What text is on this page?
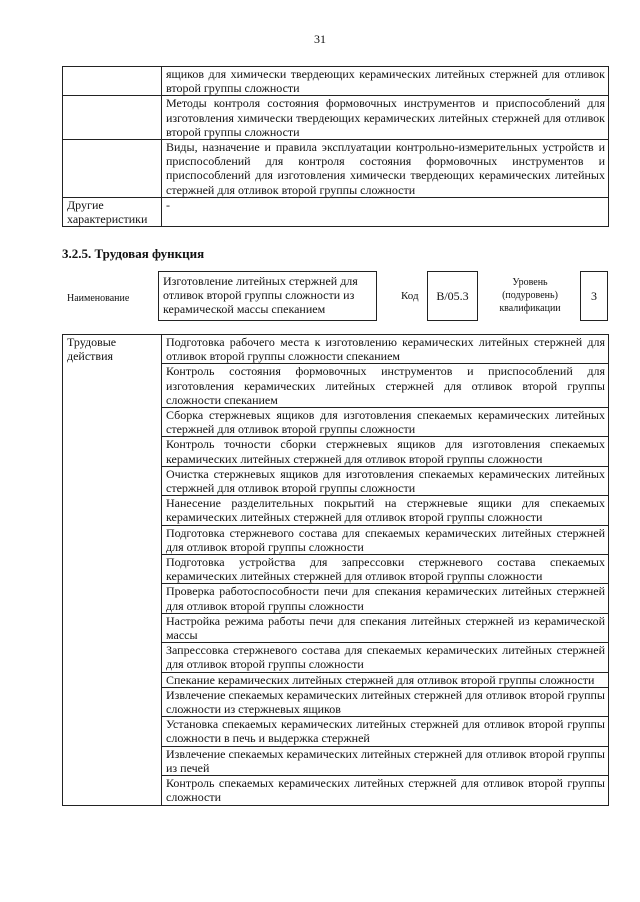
31
	ящиков для химически твердеющих керамических литейных стержней для отливок второй группы сложности
	Методы контроля состояния формовочных инструментов и приспособлений для изготовления химически твердеющих керамических литейных стержней для отливок второй группы сложности
	Виды, назначение и правила эксплуатации контрольно-измерительных устройств и приспособлений для контроля состояния формовочных инструментов и приспособлений для изготовления химически твердеющих керамических литейных стержней для отливок второй группы сложности
Другие характеристики	-
3.2.5. Трудовая функция
Наименование
Изготовление литейных стержней для отливок второй группы сложности из керамической массы спеканием
Код	B/05.3
Уровень (подуровень) квалификации
3
Трудовые действия	Подготовка рабочего места к изготовлению керамических литейных стержней для отливок второй группы сложности спеканием
Контроль состояния формовочных инструментов и приспособлений для изготовления керамических литейных стержней для отливок второй группы сложности спеканием
Сборка стержневых ящиков для изготовления спекаемых керамических литейных стержней для отливок второй группы сложности
Контроль точности сборки стержневых ящиков для изготовления спекаемых керамических литейных стержней для отливок второй группы сложности
Очистка стержневых ящиков для изготовления спекаемых керамических литейных стержней для отливок второй группы сложности
Нанесение разделительных покрытий на стержневые ящики для спекаемых керамических литейных стержней для отливок второй группы сложности
Подготовка стержневого состава для спекаемых керамических литейных стержней для отливок второй группы сложности
Подготовка устройства для запрессовки стержневого состава спекаемых керамических литейных стержней для отливок второй группы сложности
Проверка работоспособности печи для спекания керамических литейных стержней для отливок второй группы сложности
Настройка режима работы печи для спекания литейных стержней из керамической массы
Запрессовка стержневого состава для спекаемых керамических литейных стержней для отливок второй группы сложности
Спекание керамических литейных стержней для отливок второй группы сложности
Извлечение спекаемых керамических литейных стержней для отливок второй группы сложности из стержневых ящиков
Установка спекаемых керамических литейных стержней для отливок второй группы сложности в печь и выдержка стержней
Извлечение спекаемых керамических литейных стержней для отливок второй группы из печей
Контроль спекаемых керамических литейных стержней для отливок второй группы сложности
